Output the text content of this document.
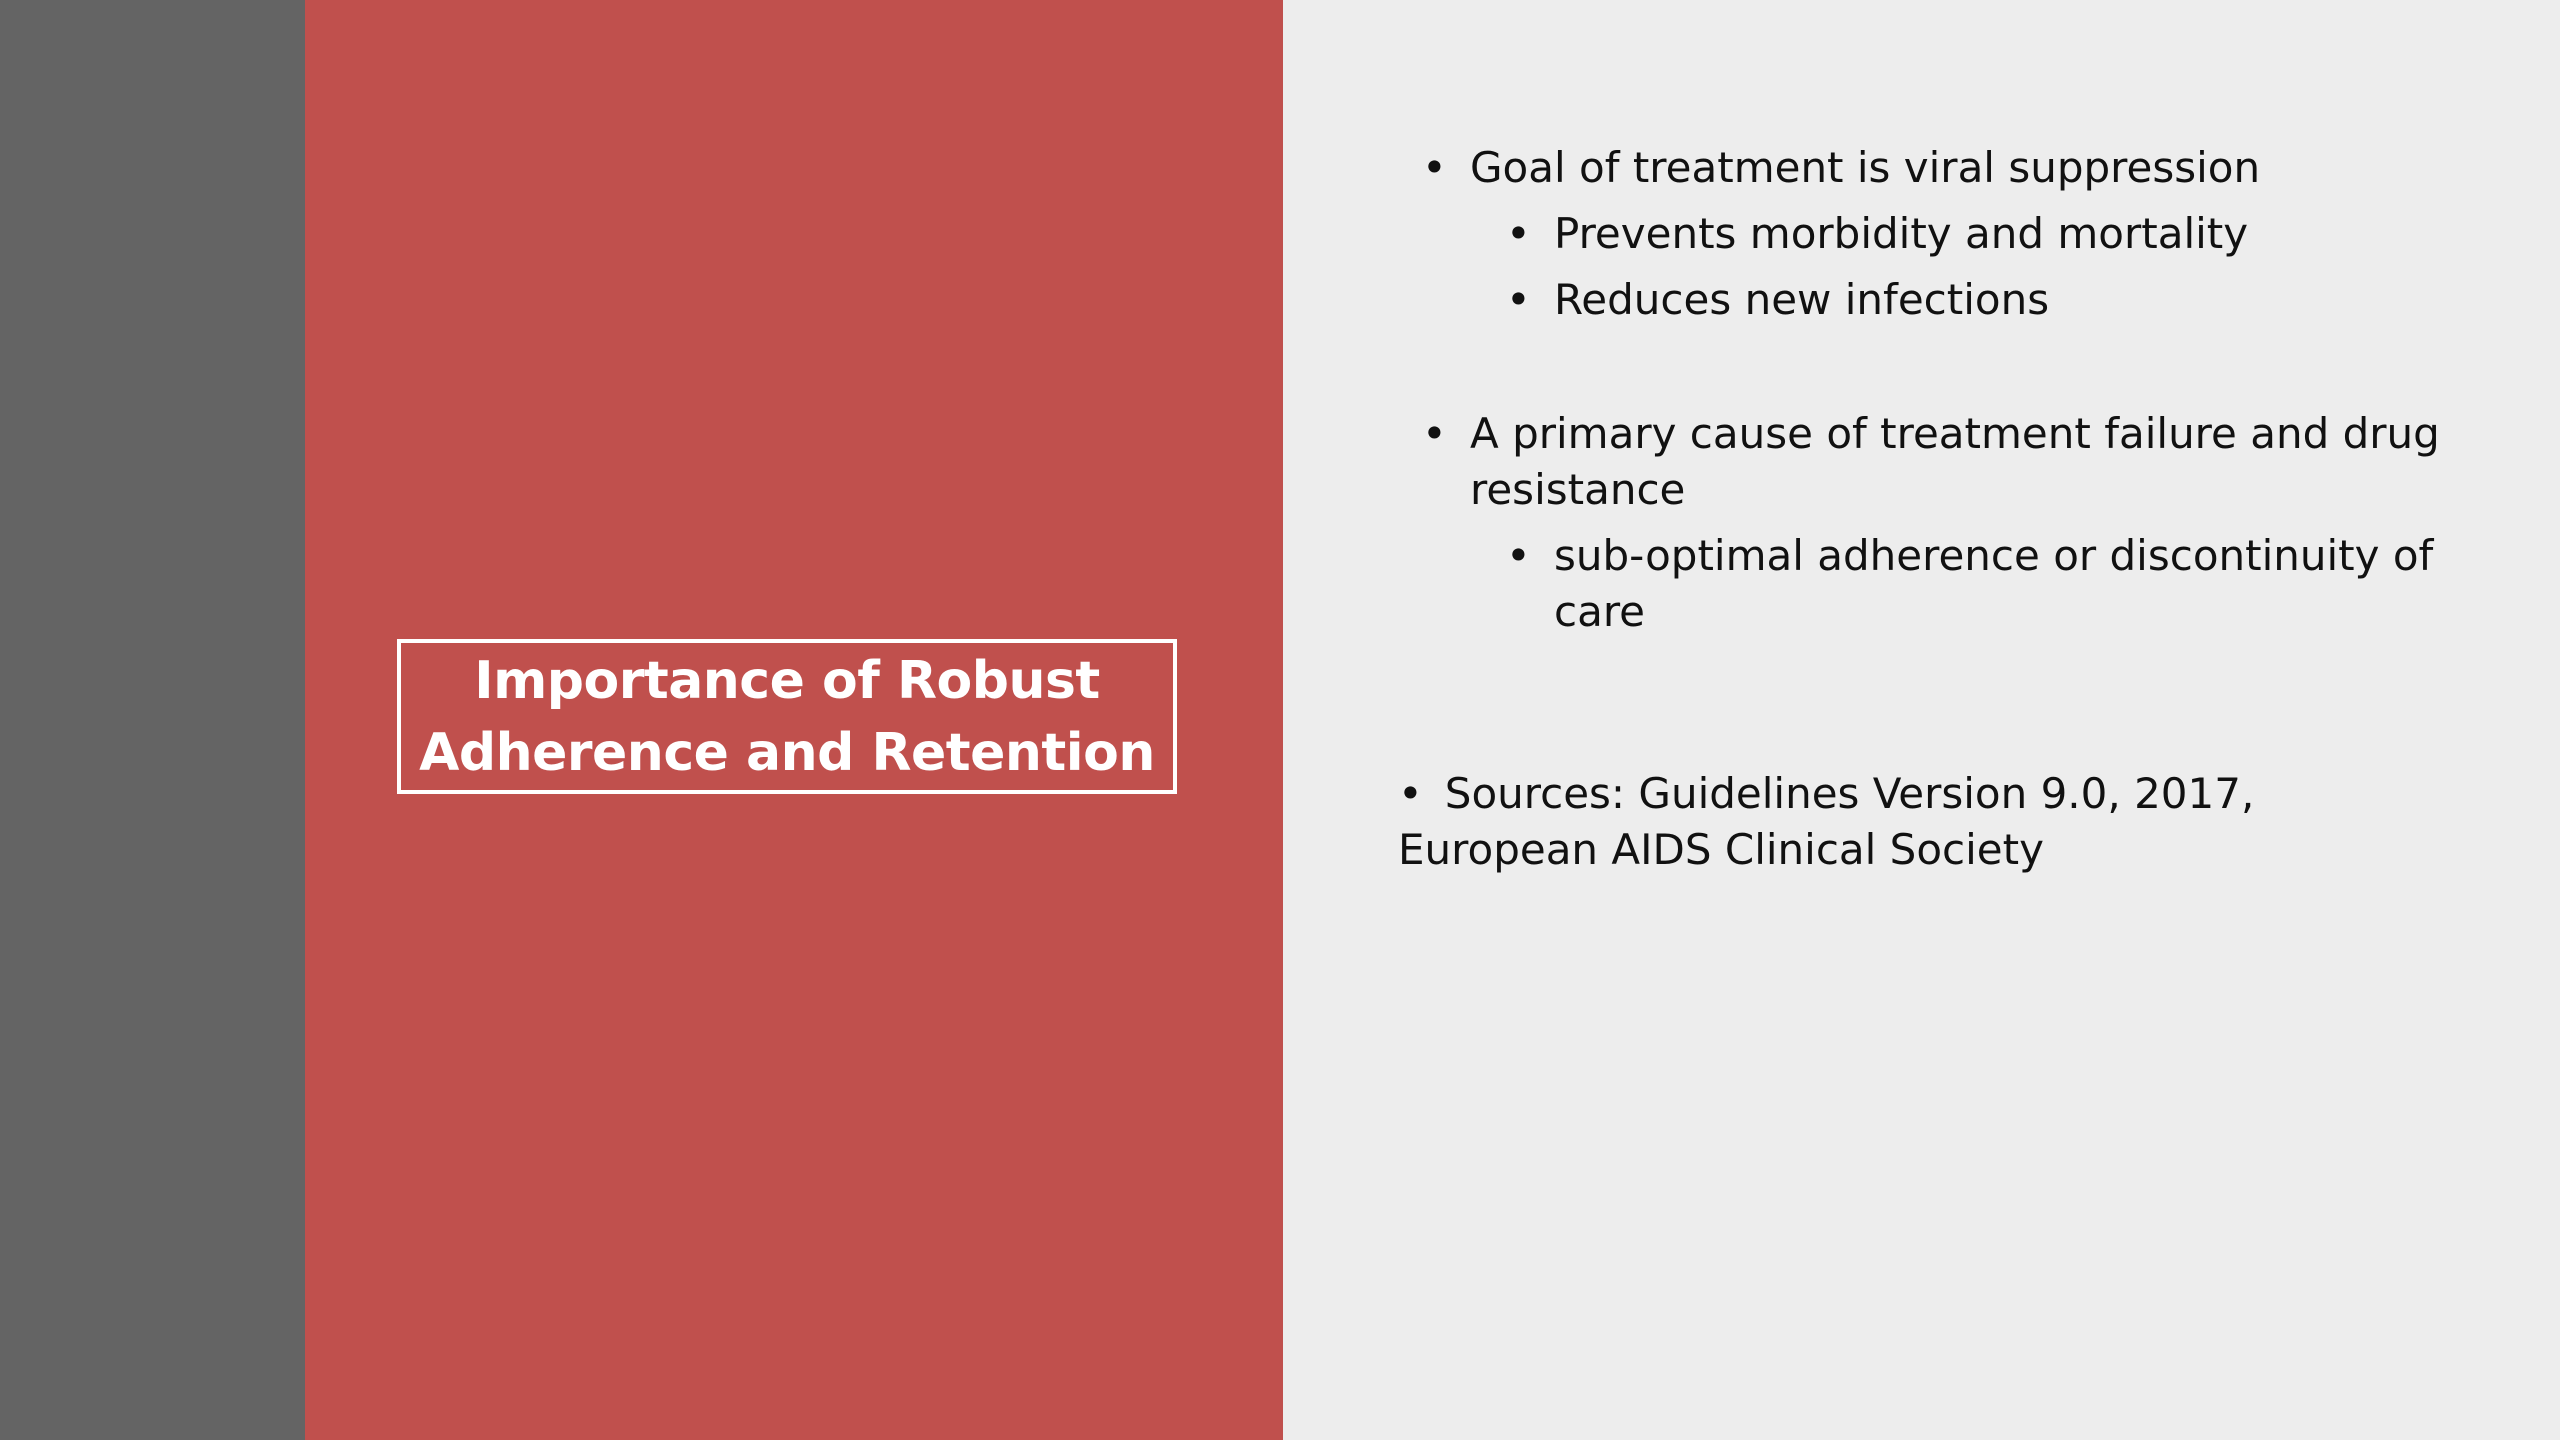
Importance of Robust Adherence and Retention
• Goal of treatment is viral suppression
• Prevents morbidity and mortality
• Reduces new infections
• A primary cause of treatment failure and drug resistance
• sub-optimal adherence or discontinuity of care
• Sources: Guidelines Version 9.0, 2017, European AIDS Clinical Society
